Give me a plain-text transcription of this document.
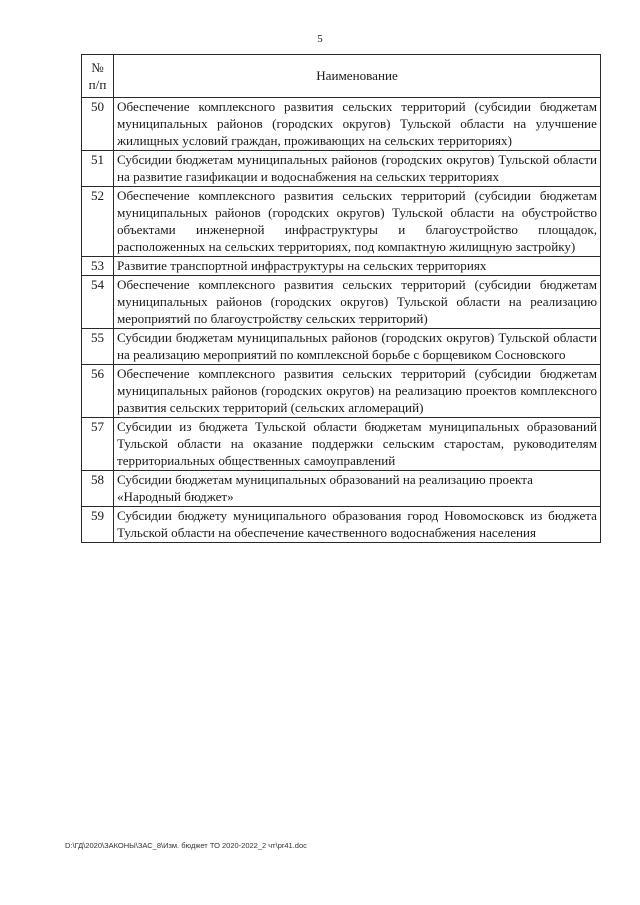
5
№
п/п	Наименование
50	Обеспечение комплексного развития сельских территорий (субсидии бюджетам муниципальных районов (городских округов) Тульской области на улучшение жилищных условий граждан, проживающих на сельских территориях)
51	Субсидии бюджетам муниципальных районов (городских округов) Тульской области на развитие газификации и водоснабжения на сельских территориях
52	Обеспечение комплексного развития сельских территорий (субсидии бюджетам муниципальных районов (городских округов) Тульской области на обустройство объектами инженерной инфраструктуры и благоустройство площадок, расположенных на сельских территориях, под компактную жилищную застройку)
53	Развитие транспортной инфраструктуры на сельских территориях
54	Обеспечение комплексного развития сельских территорий (субсидии бюджетам муниципальных районов (городских округов) Тульской области на реализацию мероприятий по благоустройству сельских территорий)
55	Субсидии бюджетам муниципальных районов (городских округов) Тульской области на реализацию мероприятий по комплексной борьбе с борщевиком Сосновского
56	Обеспечение комплексного развития сельских территорий (субсидии бюджетам муниципальных районов (городских округов) на реализацию проектов комплексного развития сельских территорий (сельских агломераций)
57	Субсидии из бюджета Тульской области бюджетам муниципальных образований Тульской области на оказание поддержки сельским старостам, руководителям территориальных общественных самоуправлений
58	Субсидии бюджетам муниципальных образований на реализацию проекта «Народный бюджет»
59	Субсидии бюджету муниципального образования город Новомосковск из бюджета Тульской области на обеспечение качественного водоснабжения населения
D:\ГД\2020\ЗАКОНЫ\ЗАС_8\Изм. бюджет ТО 2020-2022_2 чт\pr41.doc
